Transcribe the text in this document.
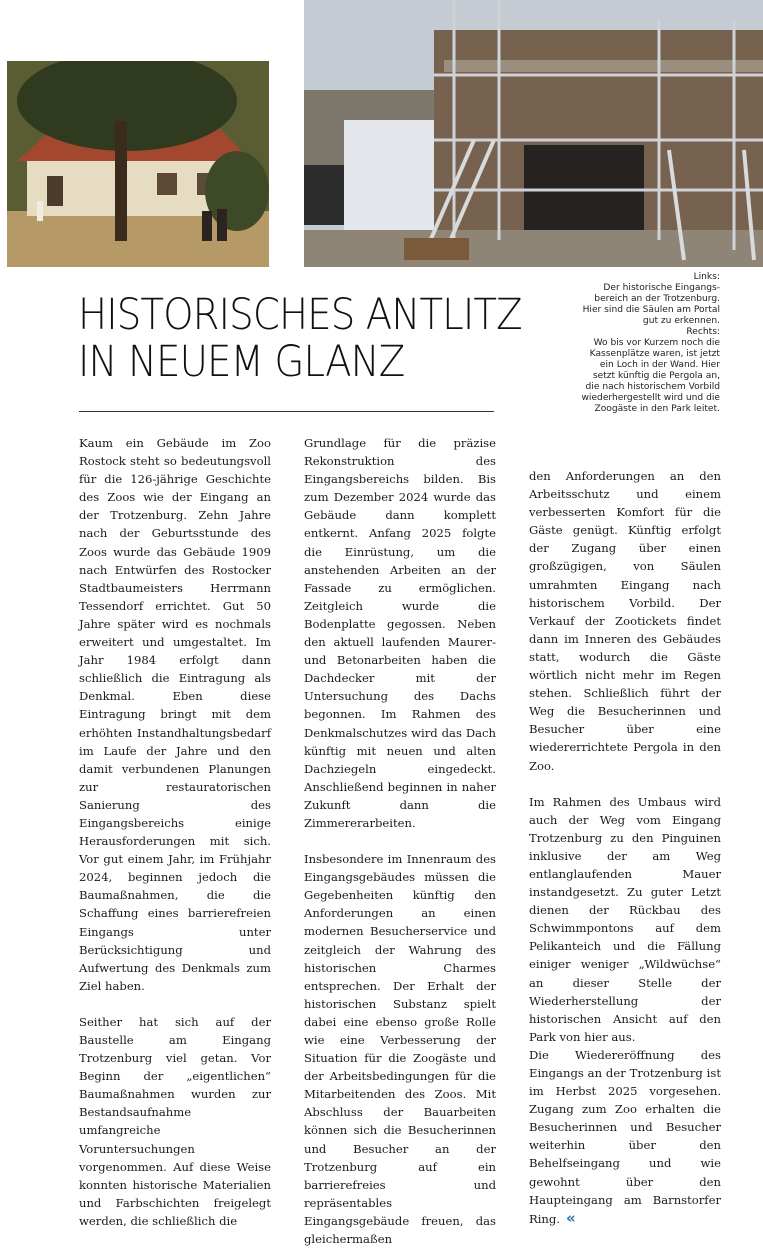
Links:
Der historische Eingangs-
bereich an der Trotzenburg.
Hier sind die Säulen am Portal
gut zu erkennen.
Rechts:
Wo bis vor Kurzem noch die
Kassenplätze waren, ist jetzt
ein Loch in der Wand. Hier
setzt künftig die Pergola an,
die nach historischem Vorbild
wiederhergestellt wird und die
Zoogäste in den Park leitet.
HISTORISCHES ANTLITZ
IN NEUEM GLANZ

Kaum ein Gebäude im Zoo Rostock steht so bedeutungsvoll für die 126-jährige Geschichte des Zoos wie der Eingang an der Trotzenburg. Zehn Jahre nach der Geburtsstunde des Zoos wurde das Gebäude 1909 nach Entwürfen des Rostocker Stadtbaumeisters Herrmann Tessendorf errichtet. Gut 50 Jahre später wird es nochmals erweitert und umgestaltet. Im Jahr 1984 erfolgt dann schließlich die Eintragung als Denkmal. Eben diese Eintragung bringt mit dem erhöhten Instandhaltungsbedarf im Laufe der Jahre und den damit verbundenen Planungen zur restauratorischen Sanierung des Eingangsbereichs einige Herausforderungen mit sich. Vor gut einem Jahr, im Frühjahr 2024, beginnen jedoch die Baumaßnahmen, die die Schaffung eines barrierefreien Eingangs unter Berücksichtigung und Aufwertung des Denkmals zum Ziel haben.

Seither hat sich auf der Baustelle am Eingang Trotzenburg viel getan. Vor Beginn der „eigentlichen“ Baumaßnahmen wurden zur Bestandsaufnahme umfangreiche Voruntersuchungen vorgenommen. Auf diese Weise konnten historische Materialien und Farbschichten freigelegt werden, die schließlich die

Grundlage für die präzise Rekonstruktion des Eingangsbereichs bilden. Bis zum Dezember 2024 wurde das Gebäude dann komplett entkernt. Anfang 2025 folgte die Einrüstung, um die anstehenden Arbeiten an der Fassade zu ermöglichen. Zeitgleich wurde die Bodenplatte gegossen. Neben den aktuell laufenden Maurer- und Betonarbeiten haben die Dachdecker mit der Untersuchung des Dachs begonnen. Im Rahmen des Denkmalschutzes wird das Dach künftig mit neuen und alten Dachziegeln eingedeckt. Anschließend beginnen in naher Zukunft dann die Zimmererarbeiten.

Insbesondere im Innenraum des Eingangsgebäudes müssen die Gegebenheiten künftig den Anforderungen an einen modernen Besucherservice und zeitgleich der Wahrung des historischen Charmes entsprechen. Der Erhalt der historischen Substanz spielt dabei eine ebenso große Rolle wie eine Verbesserung der Situation für die Zoogäste und der Arbeitsbedingungen für die Mitarbeitenden des Zoos. Mit Abschluss der Bauarbeiten können sich die Besucherinnen und Besucher an der Trotzenburg auf ein barrierefreies und repräsentables Eingangsgebäude freuen, das gleichermaßen

den Anforderungen an den Arbeitsschutz und einem verbesserten Komfort für die Gäste genügt. Künftig erfolgt der Zugang über einen großzügigen, von Säulen umrahmten Eingang nach historischem Vorbild. Der Verkauf der Zootickets findet dann im Inneren des Gebäudes statt, wodurch die Gäste wörtlich nicht mehr im Regen stehen. Schließlich führt der Weg die Besucherinnen und Besucher über eine wiedererrichtete Pergola in den Zoo.

Im Rahmen des Umbaus wird auch der Weg vom Eingang Trotzenburg zu den Pinguinen inklusive der am Weg entlanglaufenden Mauer instandgesetzt. Zu guter Letzt dienen der Rückbau des Schwimmpontons auf dem Pelikanteich und die Fällung einiger weniger „Wildwüchse“ an dieser Stelle der Wiederherstellung der historischen Ansicht auf den Park von hier aus.

Die Wiedereröffnung des Eingangs an der Trotzenburg ist im Herbst 2025 vorgesehen. Zugang zum Zoo erhalten die Besucherinnen und Besucher weiterhin über den Behelfseingang und wie gewohnt über den Haupteingang am Barnstorfer Ring. «
